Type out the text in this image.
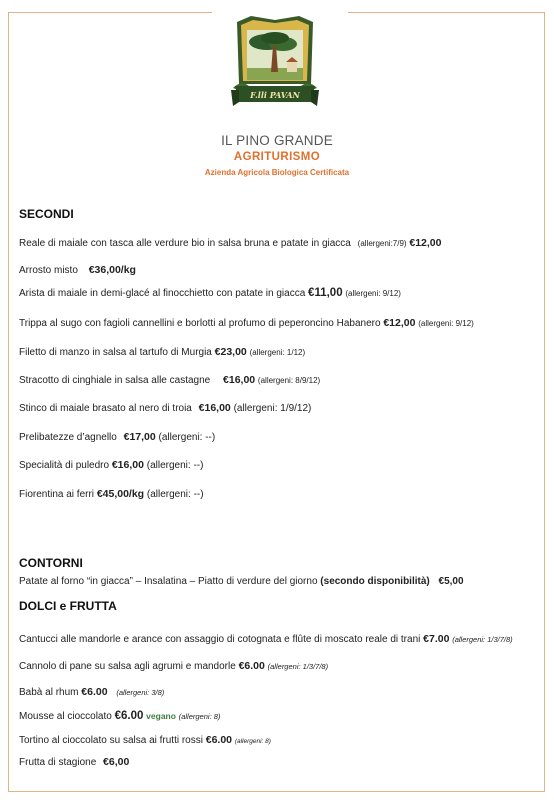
F.lli PAVAN
IL PINO GRANDE
AGRITURISMO
Azienda Agricola Biologica Certificata
SECONDI
Reale di maiale con tasca alle verdure bio in salsa bruna e patate in giacca (allergeni:7/9) €12,00
Arrosto misto €36,00/kg
Arista di maiale in demi-glacé al finocchietto con patate in giacca €11,00 (allergeni: 9/12)
Trippa al sugo con fagioli cannellini e borlotti al profumo di peperoncino Habanero €12,00 (allergeni: 9/12)
Filetto di manzo in salsa al tartufo di Murgia €23,00 (allergeni: 1/12)
Stracotto di cinghiale in salsa alle castagne €16,00 (allergeni: 8/9/12)
Stinco di maiale brasato al nero di troia €16,00 (allergeni: 1/9/12)
Prelibatezze d’agnello €17,00 (allergeni: --)
Specialità di puledro €16,00 (allergeni: --)
Fiorentina ai ferri €45,00/kg (allergeni: --)
CONTORNI
Patate al forno “in giacca” – Insalatina – Piatto di verdure del giorno (secondo disponibilità) €5,00
DOLCI e FRUTTA
Cantucci alle mandorle e arance con assaggio di cotognata e flûte di moscato reale di trani €7.00 (allergeni: 1/3/7/8)
Cannolo di pane su salsa agli agrumi e mandorle €6.00 (allergeni: 1/3/7/8)
Babà al rhum €6.00 (allergeni: 3/8)
Mousse al cioccolato €6.00 vegano (allergeni: 8)
Tortino al cioccolato su salsa ai frutti rossi €6.00 (allergeni: 8)
Frutta di stagione €6,00
